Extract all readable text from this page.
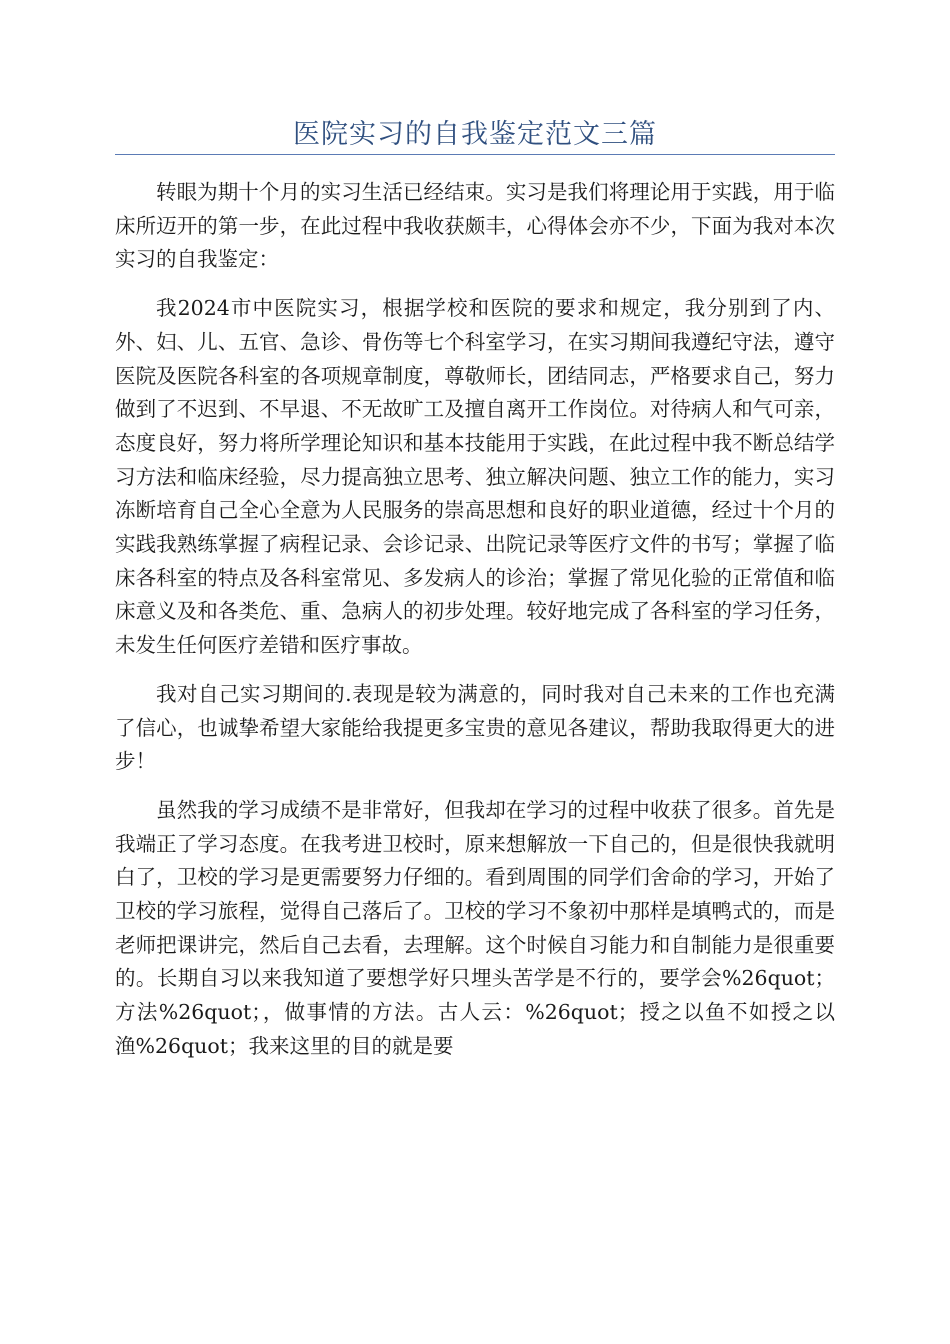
医院实习的自我鉴定范文三篇

转眼为期十个月的实习生活已经结束。实习是我们将理论用于实践，用于临床所迈开的第一步，在此过程中我收获颇丰，心得体会亦不少，下面为我对本次实习的自我鉴定：

我2024市中医院实习，根据学校和医院的要求和规定，我分别到了内、外、妇、儿、五官、急诊、骨伤等七个科室学习，在实习期间我遵纪守法，遵守医院及医院各科室的各项规章制度，尊敬师长，团结同志，严格要求自己，努力做到了不迟到、不早退、不无故旷工及擅自离开工作岗位。对待病人和气可亲，态度良好，努力将所学理论知识和基本技能用于实践，在此过程中我不断总结学习方法和临床经验，尽力提高独立思考、独立解决问题、独立工作的能力，实习冻断培育自己全心全意为人民服务的崇高思想和良好的职业道德，经过十个月的实践我熟练掌握了病程记录、会诊记录、出院记录等医疗文件的书写；掌握了临床各科室的特点及各科室常见、多发病人的诊治；掌握了常见化验的正常值和临床意义及和各类危、重、急病人的初步处理。较好地完成了各科室的学习任务，未发生任何医疗差错和医疗事故。

我对自己实习期间的.表现是较为满意的，同时我对自己未来的工作也充满了信心，也诚挚希望大家能给我提更多宝贵的意见各建议，帮助我取得更大的进步！

虽然我的学习成绩不是非常好，但我却在学习的过程中收获了很多。首先是我端正了学习态度。在我考进卫校时，原来想解放一下自己的，但是很快我就明白了，卫校的学习是更需要努力仔细的。看到周围的同学们舍命的学习，开始了卫校的学习旅程，觉得自己落后了。卫校的学习不象初中那样是填鸭式的，而是老师把课讲完，然后自己去看，去理解。这个时候自习能力和自制能力是很重要的。长期自习以来我知道了要想学好只埋头苦学是不行的，要学会%26quot；方法%26quot；，做事情的方法。古人云：%26quot；授之以鱼不如授之以渔%26quot；我来这里的目的就是要
